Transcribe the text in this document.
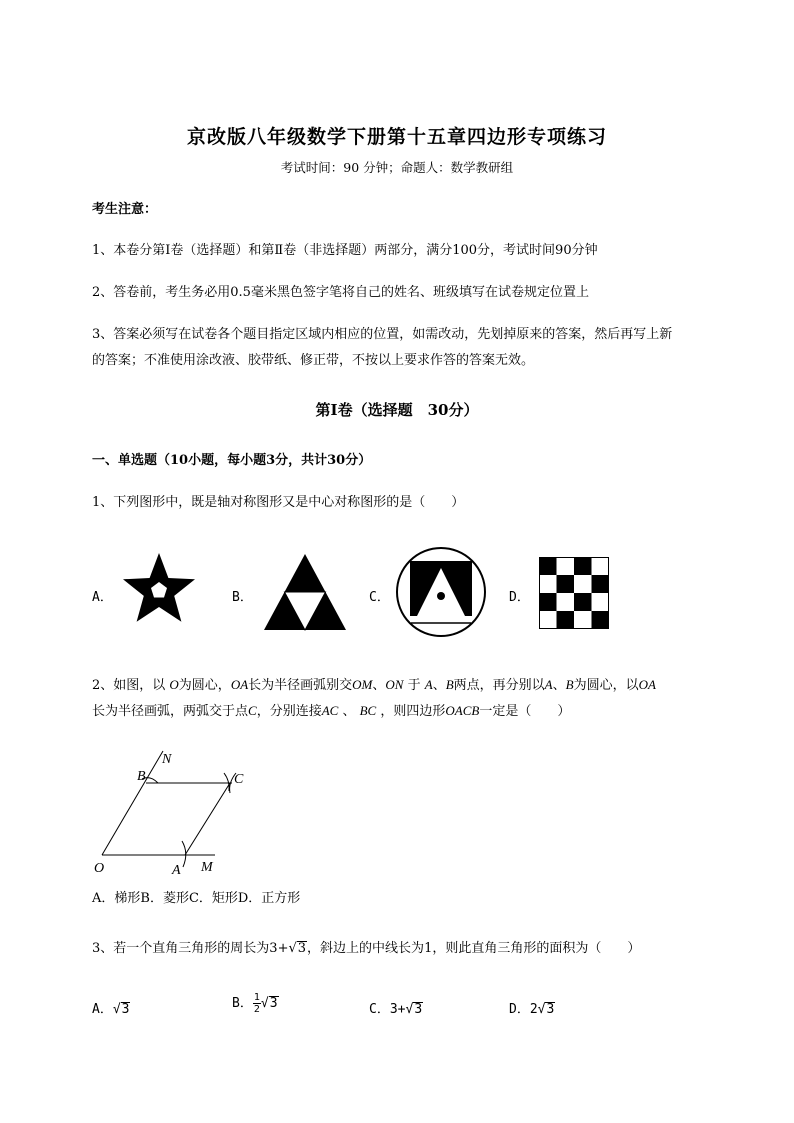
京改版八年级数学下册第十五章四边形专项练习
考试时间：90 分钟；命题人：数学教研组
考生注意：
1、本卷分第Ⅰ卷（选择题）和第Ⅱ卷（非选择题）两部分，满分100分，考试时间90分钟
2、答卷前，考生务必用0.5毫米黑色签字笔将自己的姓名、班级填写在试卷规定位置上
3、答案必须写在试卷各个题目指定区域内相应的位置，如需改动，先划掉原来的答案，然后再写上新
的答案；不准使用涂改液、胶带纸、修正带，不按以上要求作答的答案无效。
第Ⅰ卷（选择题　30分）
一、单选题（10小题，每小题3分，共计30分）
1、下列图形中，既是轴对称图形又是中心对称图形的是（　　）
A．	B．	C．	D．
2、如图，以 O为圆心，OA长为半径画弧别交OM、ON 于 A、B两点，再分别以A、B为圆心，以OA
长为半径画弧，两弧交于点C，分别连接AC 、 BC ，则四边形OACB一定是（　　）
N
B	C
O	A M
A．梯形B．菱形C．矩形D．正方形
3、若一个直角三角形的周长为3+√3，斜边上的中线长为1，则此直角三角形的面积为（　　）
A．√3	B． $\frac{1}{2} √3$	C．3+√3	D．2√3
